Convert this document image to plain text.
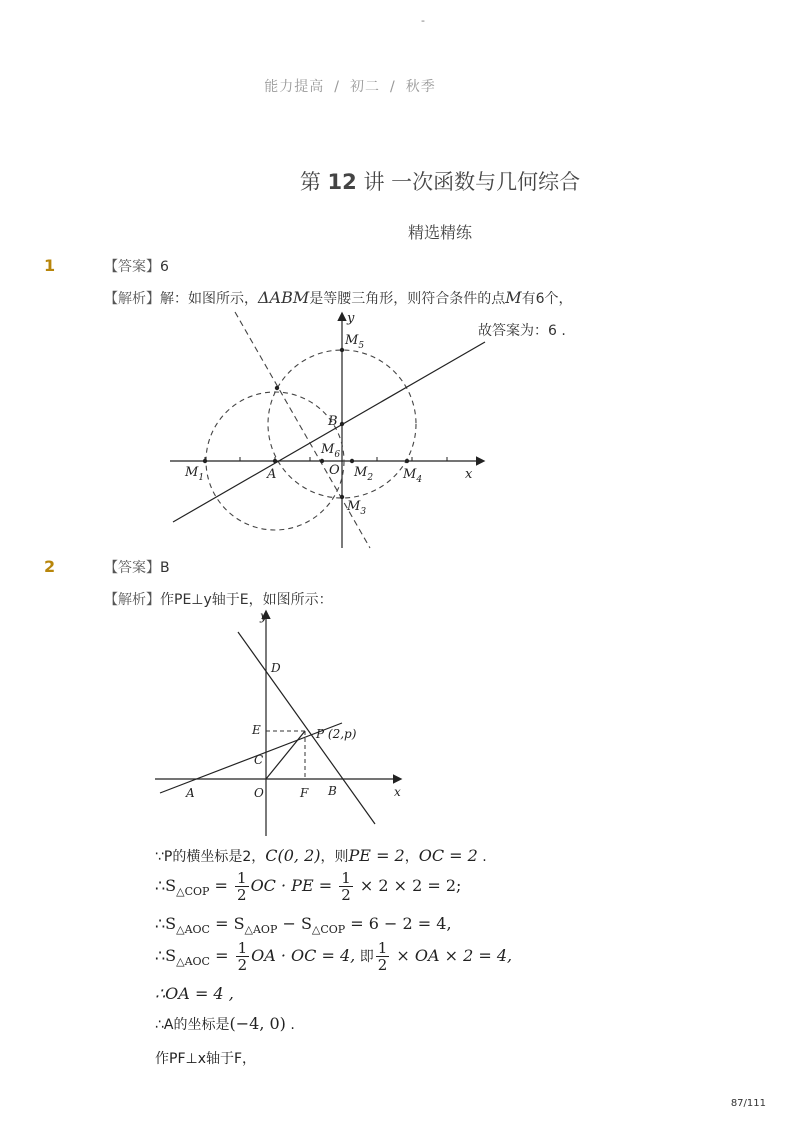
-
能力提高 / 初二 / 秋季
第 12 讲 一次函数与几何综合
精选精练
1	【答案】6
【解析】解：如图所示，ΔABM是等腰三角形，则符合条件的点M有6个，
故答案为：6 .
y
x
$M_5$
B
$M_6$
O
$M_1$	A	$M_2$ $M_4$
$M_3$
2	【答案】B
【解析】作PE⊥y轴于E，如图所示：
y
x
D
E	P (2,p)
C
A	O	F B
∵P的横坐标是2，C(0, 2)，则PE = 2，OC = 2 .
$\therefore S_{\triangle COP} = \frac{1}{2}$ OC · PE = $\frac{1}{2} \times 2 \times 2 = 2$;
$\therefore S_{\triangle AOC} = S_{\triangle AOP} - S_{\triangle COP} = 6 - 2 = 4$,
$\therefore S_{\triangle AOC} = \frac{1}{2}$ OA · OC = 4, 即 $\frac{1}{2}$ × OA × 2 = 4,
∴OA = 4 ,
∴A的坐标是(−4, 0) .
作PF⊥x轴于F，
87/111
